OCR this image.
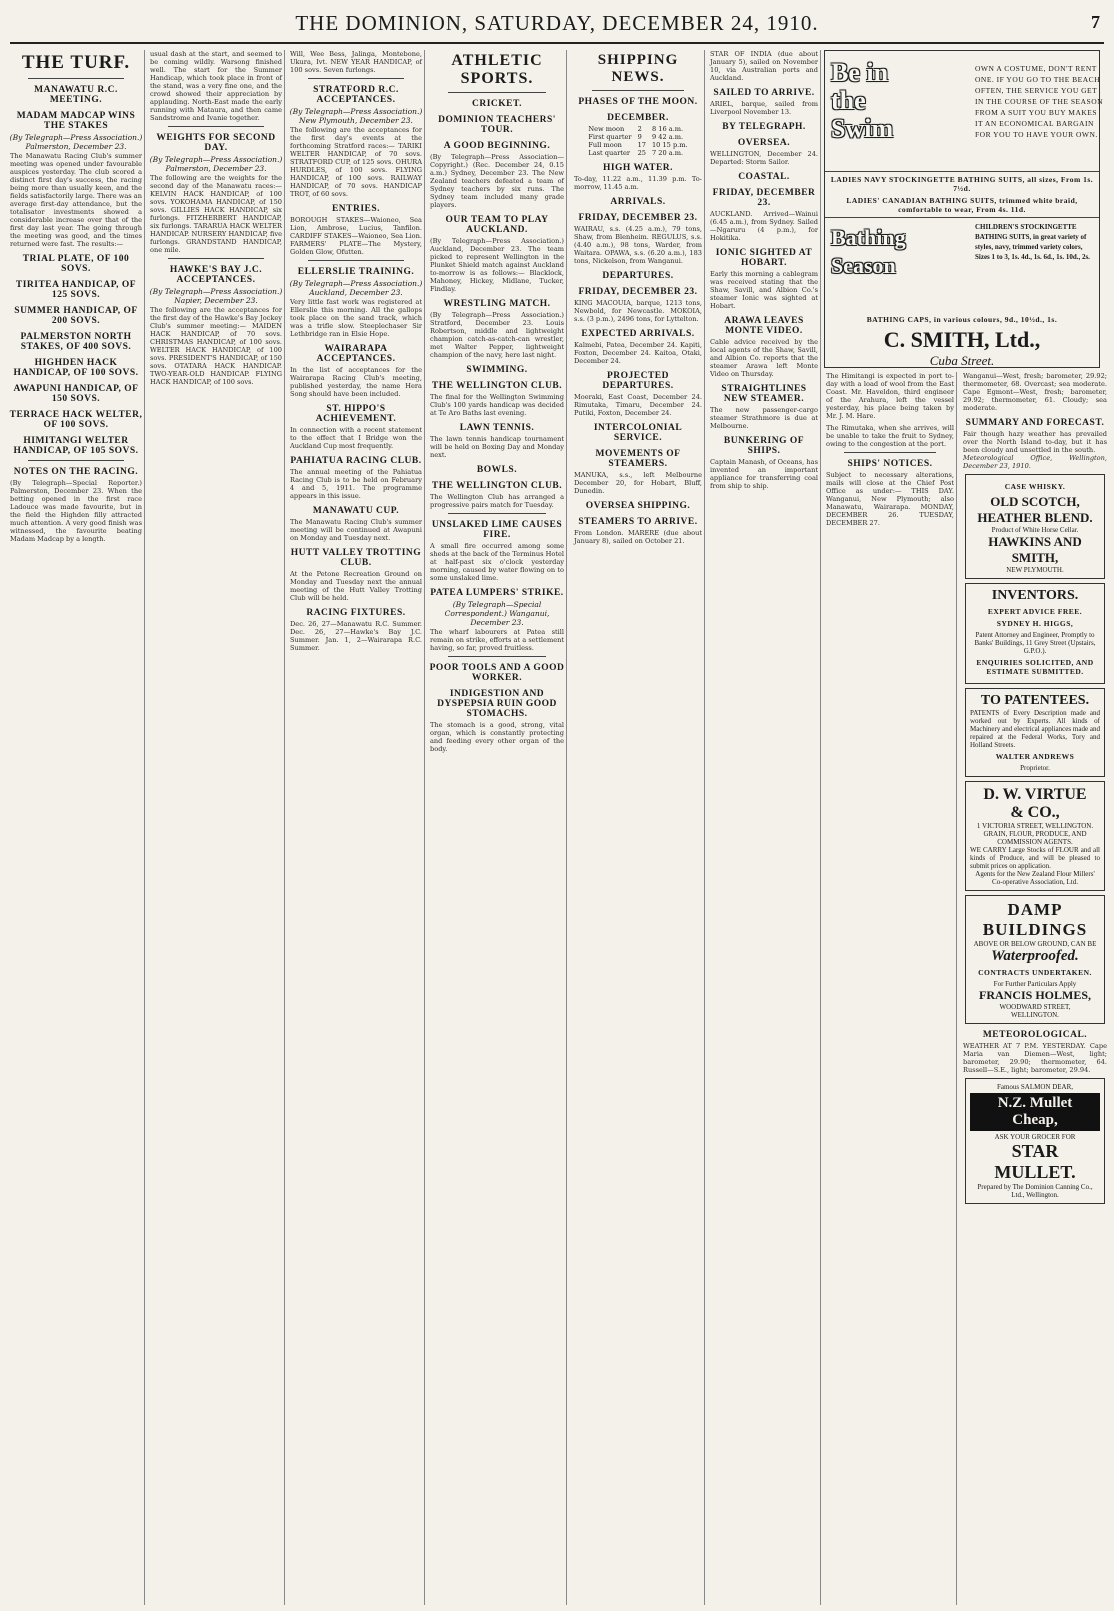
THE DOMINION, SATURDAY, DECEMBER 24, 1910.	7
THE TURF.
MANAWATU R.C. MEETING.
MADAM MADCAP WINS THE STAKES
(By Telegraph—Press Association.) Palmerston, December 23.
The Manawatu Racing Club's summer meeting was opened under favourable auspices yesterday. The club scored a distinct first day's success, the racing being more than usually keen, and the fields satisfactorily large. There was an average first-day attendance, but the totalisator investments showed a considerable increase over that of the first day last year. The going through the meeting was good, and the times returned were fast. The results:—
TRIAL PLATE, OF 100 SOVS.
TIRITEA HANDICAP, OF 125 SOVS.
SUMMER HANDICAP, OF 200 SOVS.
PALMERSTON NORTH STAKES, OF 400 SOVS.
HIGHDEN HACK HANDICAP, OF 100 SOVS.
AWAPUNI HANDICAP, OF 150 SOVS.
TERRACE HACK WELTER, OF 100 SOVS.
HIMITANGI WELTER HANDICAP, OF 105 SOVS.
NOTES ON THE RACING.
(By Telegraph—Special Reporter.) Palmerston, December 23. When the betting opened in the first race Ladouce was made favourite, but in the field the Highden filly attracted much attention. A very good finish was witnessed, the favourite beating Madam Madcap by a length.
usual dash at the start, and seemed to be coming wildly. Warsong finished well. The start for the Summer Handicap, which took place in front of the stand, was a very fine one, and the crowd showed their appreciation by applauding. North-East made the early running with Mataura, and then came Sandstrome and Ivanie together.
WEIGHTS FOR SECOND DAY.
(By Telegraph—Press Association.) Palmerston, December 23.
The following are the weights for the second day of the Manawatu races:— KELVIN HACK HANDICAP, of 100 sovs. YOKOHAMA HANDICAP, of 150 sovs. GILLIES HACK HANDICAP, six furlongs. FITZHERBERT HANDICAP, six furlongs. TARARUA HACK WELTER HANDICAP. NURSERY HANDICAP, five furlongs. GRANDSTAND HANDICAP, one mile.
HAWKE'S BAY J.C. ACCEPTANCES.
(By Telegraph—Press Association.) Napier, December 23.
The following are the acceptances for the first day of the Hawke's Bay Jockey Club's summer meeting:— MAIDEN HACK HANDICAP, of 70 sovs. CHRISTMAS HANDICAP, of 100 sovs. WELTER HACK HANDICAP, of 100 sovs. PRESIDENT'S HANDICAP, of 150 sovs. OTATARA HACK HANDICAP. TWO-YEAR-OLD HANDICAP. FLYING HACK HANDICAP, of 100 sovs.
Will, Wee Bess, Jalinga, Montebone, Ukura, Ivt. NEW YEAR HANDICAP, of 100 sovs. Seven furlongs.
STRATFORD R.C. ACCEPTANCES.
(By Telegraph—Press Association.) New Plymouth, December 23.
The following are the acceptances for the first day's events at the forthcoming Stratford races:— TARIKI WELTER HANDICAP, of 70 sovs. STRATFORD CUP, of 125 sovs. OHURA HURDLES, of 100 sovs. FLYING HANDICAP, of 100 sovs. RAILWAY HANDICAP, of 70 sovs. HANDICAP TROT, of 60 sovs.
ENTRIES.
BOROUGH STAKES—Waioneo, Sea Lion, Ambrose, Lucius, Tanfilon. CARDIFF STAKES—Waioneo, Sea Lion. FARMERS' PLATE—The Mystery, Golden Glow, Ofutten.
ELLERSLIE TRAINING.
(By Telegraph—Press Association.) Auckland, December 23.
Very little fast work was registered at Ellerslie this morning. All the gallops took place on the sand track, which was a trifle slow. Steeplechaser Sir Lethbridge ran in Elsie Hope.
WAIRARAPA ACCEPTANCES.
In the list of acceptances for the Wairarapa Racing Club's meeting, published yesterday, the name Hera Song should have been included.
ST. HIPPO'S ACHIEVEMENT.
In connection with a recent statement to the effect that I Bridge won the Auckland Cup most frequently.
PAHIATUA RACING CLUB.
The annual meeting of the Pahiatua Racing Club is to be held on February 4 and 5, 1911. The programme appears in this issue.
MANAWATU CUP.
The Manawatu Racing Club's summer meeting will be continued at Awapuni on Monday and Tuesday next.
HUTT VALLEY TROTTING CLUB.
At the Petone Recreation Ground on Monday and Tuesday next the annual meeting of the Hutt Valley Trotting Club will be held.
RACING FIXTURES.
Dec. 26, 27—Manawatu R.C. Summer. Dec. 26, 27—Hawke's Bay J.C. Summer. Jan. 1, 2—Wairarapa R.C. Summer.
ATHLETIC SPORTS.
CRICKET.
DOMINION TEACHERS' TOUR.
A GOOD BEGINNING.
(By Telegraph—Press Association—Copyright.) (Rec. December 24, 0.15 a.m.) Sydney, December 23. The New Zealand teachers defeated a team of Sydney teachers by six runs. The Sydney team included many grade players.
OUR TEAM TO PLAY AUCKLAND.
(By Telegraph—Press Association.) Auckland, December 23. The team picked to represent Wellington in the Plunket Shield match against Auckland to-morrow is as follows:— Blacklock, Mahoney, Hickey, Midlane, Tucker, Findlay.
WRESTLING MATCH.
(By Telegraph—Press Association.) Stratford, December 23. Louis Robertson, middle and lightweight champion catch-as-catch-can wrestler, met Walter Pepper, lightweight champion of the navy, here last night.
SWIMMING.
THE WELLINGTON CLUB.
The final for the Wellington Swimming Club's 100 yards handicap was decided at Te Aro Baths last evening.
LAWN TENNIS.
The lawn tennis handicap tournament will be held on Boxing Day and Monday next.
BOWLS.
THE WELLINGTON CLUB.
The Wellington Club has arranged a progressive pairs match for Tuesday.
UNSLAKED LIME CAUSES FIRE.
A small fire occurred among some sheds at the back of the Terminus Hotel at half-past six o'clock yesterday morning, caused by water flowing on to some unslaked lime.
PATEA LUMPERS' STRIKE.
(By Telegraph—Special Correspondent.) Wanganui, December 23.
The wharf labourers at Patea still remain on strike, efforts at a settlement having, so far, proved fruitless.
POOR TOOLS AND A GOOD WORKER.
INDIGESTION AND DYSPEPSIA RUIN GOOD STOMACHS.
The stomach is a good, strong, vital organ, which is constantly protecting and feeding every other organ of the body.
SHIPPING NEWS.
PHASES OF THE MOON.
DECEMBER.
New moon	2	8 16 a.m.
First quarter	9	9 42 a.m.
Full moon	17	10 15 p.m.
Last quarter	25	7 20 a.m.
HIGH WATER.
To-day, 11.22 a.m., 11.39 p.m. To-morrow, 11.45 a.m.
ARRIVALS.
FRIDAY, DECEMBER 23.
WAIRAU, s.s. (4.25 a.m.), 79 tons, Shaw, from Blenheim. REGULUS, s.s. (4.40 a.m.), 98 tons, Warder, from Waitara. OPAWA, s.s. (6.20 a.m.), 183 tons, Nickelson, from Wanganui.
DEPARTURES.
FRIDAY, DECEMBER 23.
KING MACOUIA, barque, 1213 tons, Newbold, for Newcastle. MOKOIA, s.s. (3 p.m.), 2496 tons, for Lyttelton.
EXPECTED ARRIVALS.
Kalmebi, Patea, December 24. Kapiti, Foxton, December 24. Kaitoa, Otaki, December 24.
PROJECTED DEPARTURES.
Moeraki, East Coast, December 24. Rimutaka, Timaru, December 24. Putiki, Foxton, December 24.
INTERCOLONIAL SERVICE.
MOVEMENTS OF STEAMERS.
MANUKA, s.s., left Melbourne December 20, for Hobart, Bluff, Dunedin.
OVERSEA SHIPPING.
STEAMERS TO ARRIVE.
From London. MARERE (due about January 8), sailed on October 21.
STAR OF INDIA (due about January 5), sailed on November 10, via Australian ports and Auckland.
SAILED TO ARRIVE.
ARIEL, barque, sailed from Liverpool November 13.
BY TELEGRAPH.
OVERSEA.
WELLINGTON, December 24. Departed: Storm Sailor.
COASTAL.
FRIDAY, DECEMBER 23.
AUCKLAND. Arrived—Wainui (6.45 a.m.), from Sydney. Sailed—Ngaruru (4 p.m.), for Hokitika.
IONIC SIGHTED AT HOBART.
Early this morning a cablegram was received stating that the Shaw, Savill, and Albion Co.'s steamer Ionic was sighted at Hobart.
ARAWA LEAVES MONTE VIDEO.
Cable advice received by the local agents of the Shaw, Savill, and Albion Co. reports that the steamer Arawa left Monte Video on Thursday.
STRAIGHTLINES NEW STEAMER.
The new passenger-cargo steamer Strathmore is due at Melbourne.
BUNKERING OF SHIPS.
Captain Manash, of Oceans, has invented an important appliance for transferring coal from ship to ship.
Be in
the
Swim
OWN A COSTUME, DON'T RENT ONE. IF YOU GO TO THE BEACH OFTEN, THE SERVICE YOU GET IN THE COURSE OF THE SEASON FROM A SUIT YOU BUY MAKES IT AN ECONOMICAL BARGAIN FOR YOU TO HAVE YOUR OWN.
LADIES NAVY STOCKINGETTE BATHING SUITS, all sizes, From 1s. 7½d.
LADIES' CANADIAN BATHING SUITS, trimmed white braid, comfortable to wear, From 4s. 11d.
Bathing
Season
CHILDREN'S STOCKINGETTE BATHING SUITS, in great variety of styles, navy, trimmed variety colors, Sizes 1 to 3, 1s. 4d., 1s. 6d., 1s. 10d., 2s.
BATHING CAPS, in various colours, 9d., 10½d., 1s.
C. SMITH, Ltd.,
Cuba Street.
The Himitangi is expected in port to-day with a load of wool from the East Coast. Mr. Haveldon, third engineer of the Arahura, left the vessel yesterday, his place being taken by Mr. J. M. Hare.
The Rimutaka, when she arrives, will be unable to take the fruit to Sydney, owing to the congestion at the port.
SHIPS' NOTICES.
Subject to necessary alterations, mails will close at the Chief Post Office as under:— THIS DAY. Wanganui, New Plymouth; also Manawatu, Wairarapa. MONDAY, DECEMBER 26. TUESDAY, DECEMBER 27.
Wanganui—West, fresh; barometer, 29.92; thermometer, 68. Overcast; sea moderate. Cape Egmont—West, fresh; barometer, 29.92; thermometer, 61. Cloudy; sea moderate.
SUMMARY AND FORECAST.
Fair though hazy weather has prevailed over the North Island to-day, but it has been cloudy and unsettled in the south.
Meteorological Office, Wellington, December 23, 1910.
CASE WHISKY.
OLD SCOTCH,
HEATHER BLEND.
Product of White Horse Cellar.
HAWKINS AND SMITH,
NEW PLYMOUTH.
INVENTORS.
EXPERT ADVICE FREE.
SYDNEY H. HIGGS,
Patent Attorney and Engineer, Promptly to Banks' Buildings, 11 Grey Street (Upstairs, G.P.O.).
ENQUIRIES SOLICITED, AND ESTIMATE SUBMITTED.
TO PATENTEES.
PATENTS of Every Description made and worked out by Experts. All kinds of Machinery and electrical appliances made and repaired at the Federal Works, Tory and Holland Streets.
WALTER ANDREWS
Proprietor.
D. W. VIRTUE
& CO.,
1 VICTORIA STREET, WELLINGTON.
GRAIN, FLOUR, PRODUCE, AND COMMISSION AGENTS.
WE CARRY Large Stocks of FLOUR and all kinds of Produce, and will be pleased to submit prices on application.
Agents for the New Zealand Flour Millers' Co-operative Association, Ltd.
DAMP
BUILDINGS
ABOVE OR BELOW GROUND, CAN BE
Waterproofed.
CONTRACTS UNDERTAKEN.
For Further Particulars Apply
FRANCIS HOLMES,
WOODWARD STREET,
WELLINGTON.
METEOROLOGICAL.
WEATHER AT 7 P.M. YESTERDAY. Cape Maria van Diemen—West, light; barometer, 29.90; thermometer, 64. Russell—S.E., light; barometer, 29.94.
Famous SALMON DEAR,
N.Z. Mullet Cheap,
ASK YOUR GROCER FOR
STAR MULLET.
Prepared by The Dominion Canning Co., Ltd., Wellington.
